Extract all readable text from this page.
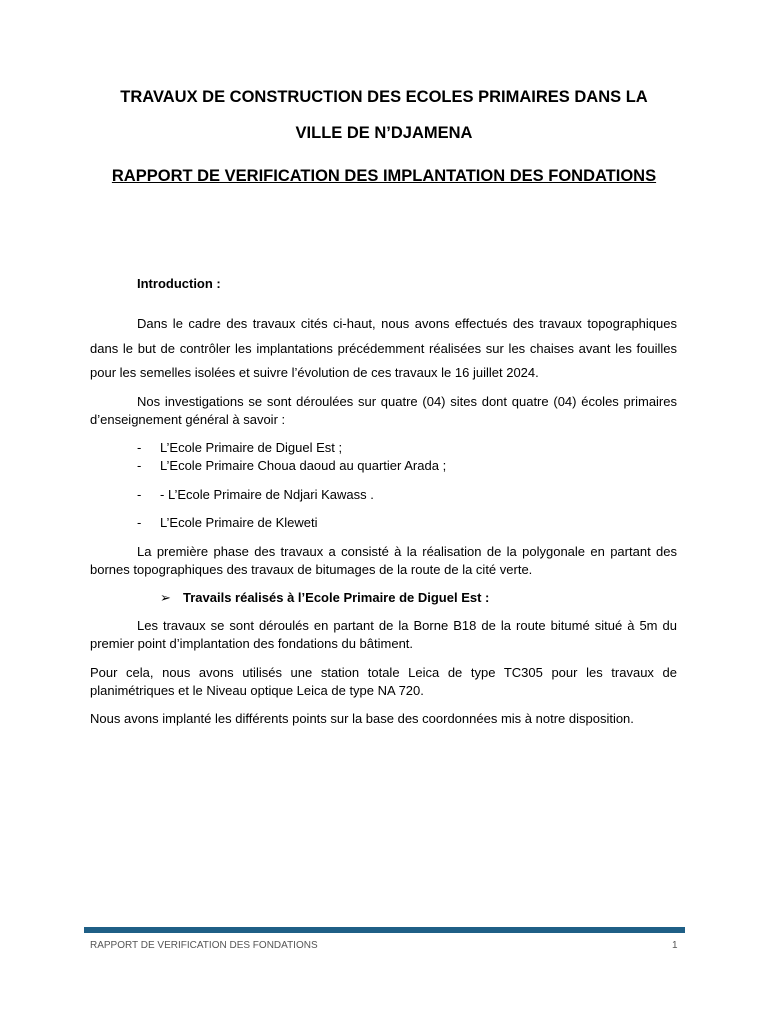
TRAVAUX DE CONSTRUCTION DES ECOLES PRIMAIRES DANS LA
VILLE DE N’DJAMENA
RAPPORT DE VERIFICATION DES IMPLANTATION DES FONDATIONS
Introduction :
Dans le cadre des travaux cités ci-haut, nous avons effectués des travaux topographiques dans le but de contrôler les implantations précédemment réalisées sur les chaises avant les fouilles pour les semelles isolées et suivre l’évolution de ces travaux le 16 juillet 2024.
Nos investigations se sont déroulées sur quatre (04) sites dont quatre (04) écoles primaires d’enseignement général à savoir :
- L’Ecole Primaire de Diguel Est ;
- L’Ecole Primaire Choua daoud au quartier Arada ;
- - L’Ecole Primaire de Ndjari Kawass .
- L’Ecole Primaire de Kleweti
La première phase des travaux a consisté à la réalisation de la polygonale en partant des bornes topographiques des travaux de bitumages de la route de la cité verte.
➢ Travails réalisés à l’Ecole Primaire de Diguel Est :
Les travaux se sont déroulés en partant de la Borne B18 de la route bitumé situé à 5m du premier point d’implantation des fondations du bâtiment.
Pour cela, nous avons utilisés une station totale Leica de type TC305 pour les travaux de planimétriques et le Niveau optique Leica de type NA 720.
Nous avons implanté les différents points sur la base des coordonnées mis à notre disposition.
RAPPORT DE VERIFICATION DES FONDATIONS	1
